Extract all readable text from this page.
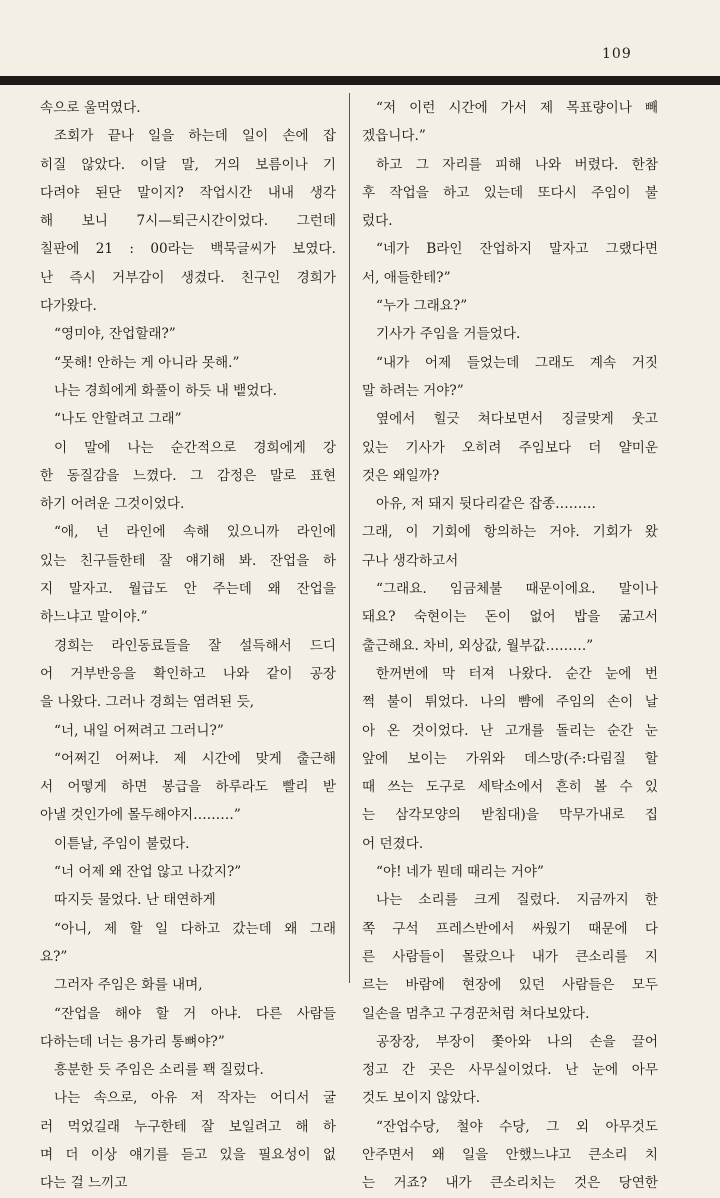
109
속으로 울먹였다.
조회가 끝나 일을 하는데 일이 손에 잡
히질 않았다. 이달 말, 거의 보름이나 기
다려야 된단 말이지? 작업시간 내내 생각
해 보니 7시—퇴근시간이었다. 그런데
칠판에 21 : 00라는 백묵글씨가 보였다.
난 즉시 거부감이 생겼다. 친구인 경희가
다가왔다.
“영미야, 잔업할래?”
“못해! 안하는 게 아니라 못해.”
나는 경희에게 화풀이 하듯 내 뱉었다.
“나도 안할려고 그래”
이 말에 나는 순간적으로 경희에게 강
한 동질감을 느꼈다. 그 감정은 말로 표현
하기 어려운 그것이었다.
“애, 넌 라인에 속해 있으니까 라인에
있는 친구들한테 잘 얘기해 봐. 잔업을 하
지 말자고. 월급도 안 주는데 왜 잔업을
하느냐고 말이야.”
경희는 라인동료들을 잘 설득해서 드디
어 거부반응을 확인하고 나와 같이 공장
을 나왔다. 그러나 경희는 염려된 듯,
“너, 내일 어쩌려고 그러니?”
“어쩌긴 어쩌냐. 제 시간에 맞게 출근해
서 어떻게 하면 봉급을 하루라도 빨리 받
아낼 것인가에 몰두해야지………”
이튿날, 주임이 불렀다.
“너 어제 왜 잔업 않고 나갔지?”
따지듯 물었다. 난 태연하게
“아니, 제 할 일 다하고 갔는데 왜 그래
요?”
그러자 주임은 화를 내며,
“잔업을 해야 할 거 아냐. 다른 사람들
다하는데 너는 용가리 통뼈야?”
흥분한 듯 주임은 소리를 꽥 질렀다.
나는 속으로, 아유 저 작자는 어디서 굴
러 먹었길래 누구한테 잘 보일려고 해 하
며 더 이상 얘기를 듣고 있을 필요성이 없
다는 걸 느끼고
“저 이런 시간에 가서 제 목표량이나 빼
겠읍니다.”
하고 그 자리를 피해 나와 버렸다. 한참
후 작업을 하고 있는데 또다시 주임이 불
렀다.
“네가 B라인 잔업하지 말자고 그랬다면
서, 애들한테?”
“누가 그래요?”
기사가 주임을 거들었다.
“내가 어제 들었는데 그래도 계속 거짓
말 하려는 거야?”
옆에서 힐긋 쳐다보면서 징글맞게 웃고
있는 기사가 오히려 주임보다 더 얄미운
것은 왜일까?
아유, 저 돼지 뒷다리같은 잡종………
그래, 이 기회에 항의하는 거야. 기회가 왔
구나 생각하고서
“그래요. 임금체불 때문이에요. 말이나
돼요? 숙현이는 돈이 없어 밥을 굶고서
출근해요. 차비, 외상값, 월부값………”
한꺼번에 막 터져 나왔다. 순간 눈에 번
쩍 불이 튀었다. 나의 뺨에 주임의 손이 날
아 온 것이었다. 난 고개를 돌리는 순간 눈
앞에 보이는 가위와 데스망(주:다림질 할
때 쓰는 도구로 세탁소에서 흔히 볼 수 있
는 삼각모양의 받침대)을 막무가내로 집
어 던졌다.
“야! 네가 뭔데 때리는 거야”
나는 소리를 크게 질렀다. 지금까지 한
쪽 구석 프레스반에서 싸웠기 때문에 다
른 사람들이 몰랐으나 내가 큰소리를 지
르는 바람에 현장에 있던 사람들은 모두
일손을 멈추고 구경꾼처럼 쳐다보았다.
공장장, 부장이 쫓아와 나의 손을 끌어
정고 간 곳은 사무실이었다. 난 눈에 아무
것도 보이지 않았다.
“잔업수당, 철야 수당, 그 외 아무것도
안주면서 왜 일을 안했느냐고 큰소리 치
는 거죠? 내가 큰소리치는 것은 당연한
